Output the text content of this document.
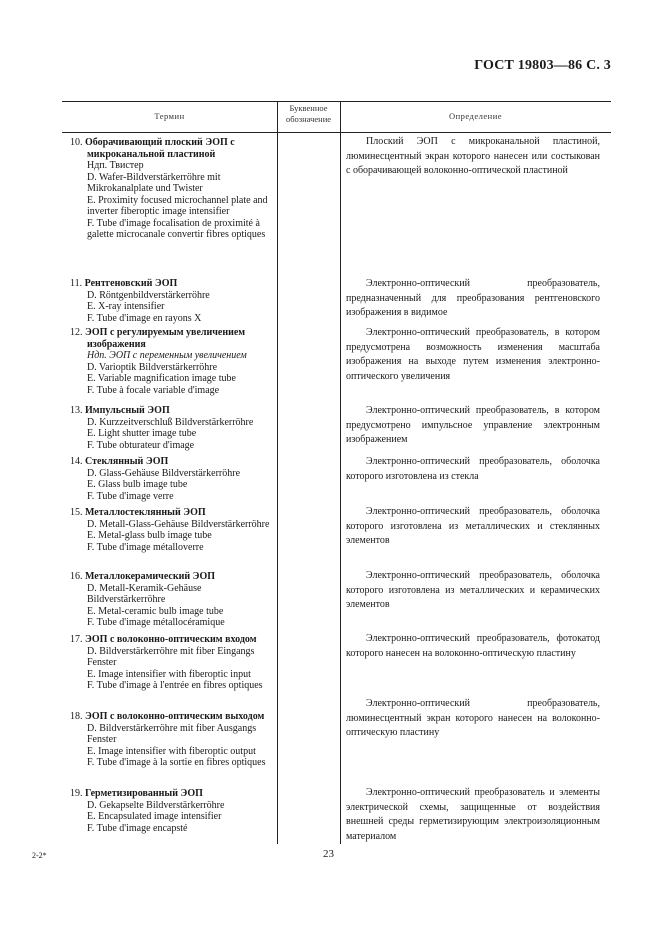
ГОСТ 19803—86 С. 3
Термин
Буквенное обозначение	Определение
10. Оборачивающий плоский ЭОП с микроканальной пластиной
Ндп. Твистер
D. Wafer-Bildverstärkerröhre mit Mikrokanalplate und Twister
E. Proximity focused microchannel plate and inverter fiberoptic image intensifier
F. Tube d'image focalisation de proximité à galette microcanale convertir fibres optiques
Плоский ЭОП с микроканальной пластиной, люминесцентный экран которого нанесен или состыкован с оборачивающей волоконно-оптической пластиной
11. Рентгеновский ЭОП
D. Röntgenbildverstärkerröhre
E. X-ray intensifier
F. Tube d'image en rayons X
Электронно-оптический преобразователь, предназначенный для преобразования рентгеновского изображения в видимое
12. ЭОП с регулируемым увеличением изображения
Ндп. ЭОП с переменным увеличением
D. Varioptik Bildverstärkerröhre
E. Variable magnification image tube
F. Tube à focale variable d'image
Электронно-оптический преобразователь, в котором предусмотрена возможность изменения масштаба изображения на выходе путем изменения электронно-оптического увеличения
13. Импульсный ЭОП
D. Kurzzeitverschluß Bildverstärkerröhre
E. Light shutter image tube
F. Tube obturateur d'image
Электронно-оптический преобразователь, в котором предусмотрено импульсное управление электронным изображением
14. Стеклянный ЭОП
D. Glass-Gehäuse Bildverstärkerröhre
E. Glass bulb image tube
F. Tube d'image verre
Электронно-оптический преобразователь, оболочка которого изготовлена из стекла
15. Металлостеклянный ЭОП
D. Metall-Glass-Gehäuse Bildverstärkerröhre
E. Metal-glass bulb image tube
F. Tube d'image métalloverre
Электронно-оптический преобразователь, оболочка которого изготовлена из металлических и стеклянных элементов
16. Металлокерамический ЭОП
D. Metall-Keramik-Gehäuse Bildverstärkerröhre
E. Metal-ceramic bulb image tube
F. Tube d'image métallocéramique
Электронно-оптический преобразователь, оболочка которого изготовлена из металлических и керамических элементов
17. ЭОП с волоконно-оптическим входом
D. Bildverstärkerröhre mit fiber Eingangs Fenster
E. Image intensifier with fiberoptic input
F. Tube d'image à l'entrée en fibres optiques
Электронно-оптический преобразователь, фотокатод которого нанесен на волоконно-оптическую пластину
18. ЭОП с волоконно-оптическим выходом
D. Bildverstärkerröhre mit fiber Ausgangs Fenster
E. Image intensifier with fiberoptic output
F. Tube d'image à la sortie en fibres optiques
Электронно-оптический преобразователь, люминесцентный экран которого нанесен на волоконно-оптическую пластину
19. Герметизированный ЭОП
D. Gekapselte Bildverstärkerröhre
E. Encapsulated image intensifier
F. Tube d'image encapsté
Электронно-оптический преобразователь и элементы электрической схемы, защищенные от воздействия внешней среды герметизирующим электроизоляционным материалом
2-2*	23
